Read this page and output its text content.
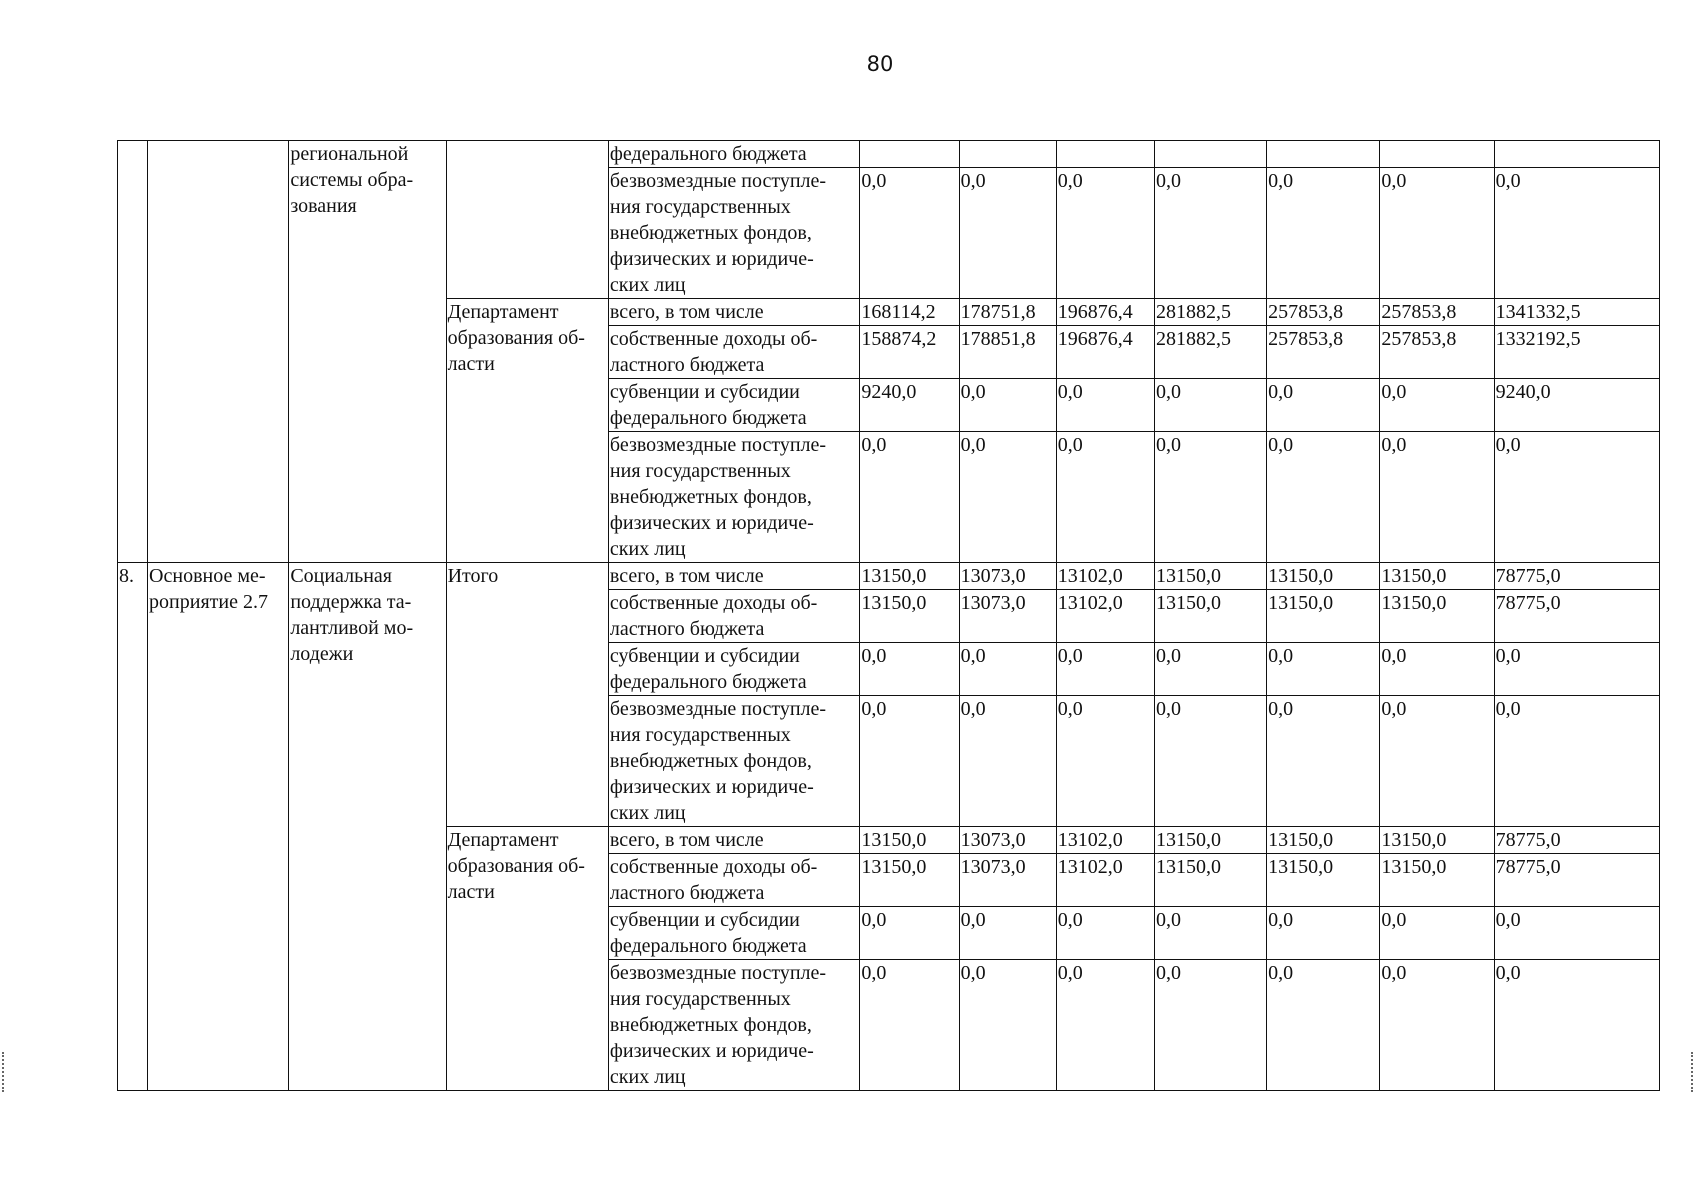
80
		региональной
системы обра-
зования		федерального бюджета							
				безвозмездные поступле-
ния государственных
внебюджетных фондов,
физических и юридиче-
ских лиц	0,0	0,0	0,0	0,0	0,0	0,0	0,0
			Департамент
образования об-
ласти	всего, в том числе	168114,2	178751,8	196876,4	281882,5	257853,8	257853,8	1341332,5
				собственные доходы об-
ластного бюджета	158874,2	178851,8	196876,4	281882,5	257853,8	257853,8	1332192,5
				субвенции и субсидии
федерального бюджета	9240,0	0,0	0,0	0,0	0,0	0,0	9240,0
				безвозмездные поступле-
ния государственных
внебюджетных фондов,
физических и юридиче-
ских лиц	0,0	0,0	0,0	0,0	0,0	0,0	0,0
8.	Основное ме-
роприятие 2.7	Социальная
поддержка та-
лантливой мо-
лодежи	Итого	всего, в том числе	13150,0	13073,0	13102,0	13150,0	13150,0	13150,0	78775,0
				собственные доходы об-
ластного бюджета	13150,0	13073,0	13102,0	13150,0	13150,0	13150,0	78775,0
				субвенции и субсидии
федерального бюджета	0,0	0,0	0,0	0,0	0,0	0,0	0,0
				безвозмездные поступле-
ния государственных
внебюджетных фондов,
физических и юридиче-
ских лиц	0,0	0,0	0,0	0,0	0,0	0,0	0,0
			Департамент
образования об-
ласти	всего, в том числе	13150,0	13073,0	13102,0	13150,0	13150,0	13150,0	78775,0
				собственные доходы об-
ластного бюджета	13150,0	13073,0	13102,0	13150,0	13150,0	13150,0	78775,0
				субвенции и субсидии
федерального бюджета	0,0	0,0	0,0	0,0	0,0	0,0	0,0
				безвозмездные поступле-
ния государственных
внебюджетных фондов,
физических и юридиче-
ских лиц	0,0	0,0	0,0	0,0	0,0	0,0	0,0
